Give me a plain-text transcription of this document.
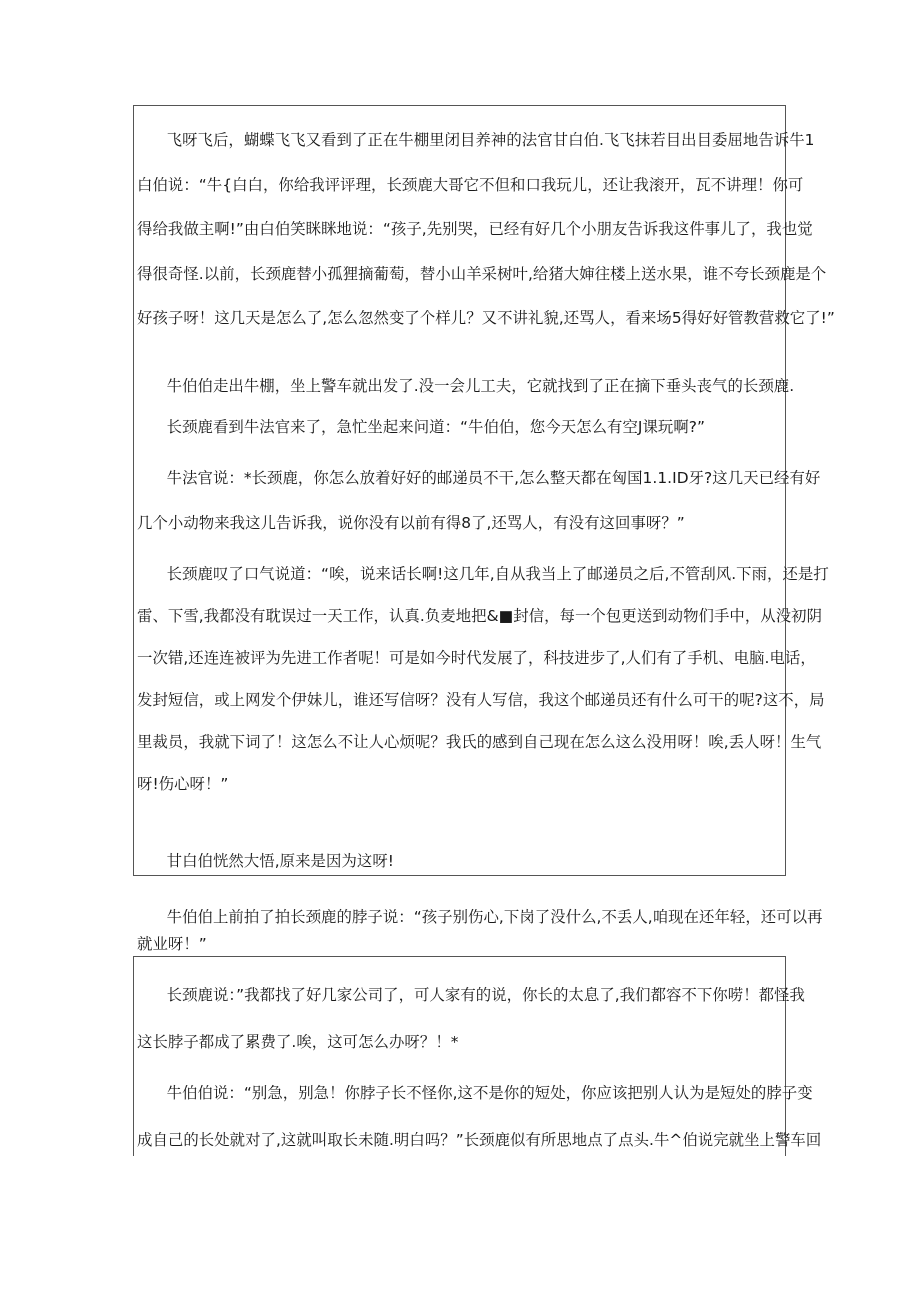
飞呀飞后，蝴蝶飞飞又看到了正在牛棚里闭目养神的法官甘白伯.飞飞抹若目出目委屈地告诉牛1
白伯说：“牛{白白，你给我评评理，长颈鹿大哥它不但和口我玩儿，还让我滚开，瓦不讲理！你可
得给我做主啊!”由白伯笑眯眯地说：“孩子,先别哭，已经有好几个小朋友告诉我这件事儿了，我也觉
得很奇怪.以前，长颈鹿替小孤狸摘葡萄，替小山羊采树叶,给猪大婶往楼上送水果，谁不夸长颈鹿是个
好孩子呀！这几天是怎么了,怎么忽然变了个样儿？又不讲礼貌,还骂人，看来场5得好好管教营救它了!”

牛伯伯走出牛棚，坐上警车就出发了.没一会儿工夫，它就找到了正在摘下垂头丧气的长颈鹿.

长颈鹿看到牛法官来了，急忙坐起来问道：“牛伯伯，您今天怎么有空J课玩啊?”

牛法官说：*长颈鹿，你怎么放着好好的邮递员不干,怎么整天都在匈国1.1.ID牙?这几天已经有好
几个小动物来我这儿告诉我，说你没有以前有得8了,还骂人，有没有这回事呀？”

长颈鹿叹了口气说道：“唉，说来话长啊!这几年,自从我当上了邮递员之后,不管刮风.下雨，还是打
雷、下雪,我都没有耽误过一天工作，认真.负麦地把&■封信，每一个包更送到动物们手中，从没初阴
一次错,还连连被评为先进工作者呢！可是如今时代发展了，科技进步了,人们有了手机、电脑.电话，
发封短信，或上网发个伊妹儿，谁还写信呀？没有人写信，我这个邮递员还有什么可干的呢?这不，局
里裁员，我就下词了！这怎么不让人心烦呢？我氏的感到自己现在怎么这么没用呀！唉,丢人呀！生气
呀!伤心呀！”

甘白伯恍然大悟,原来是因为这呀!

牛伯伯上前拍了拍长颈鹿的脖子说：“孩子别伤心,下岗了没什么,不丢人,咱现在还年轻，还可以再
就业呀！”

长颈鹿说：”我都找了好几家公司了，可人家有的说，你长的太息了,我们都容不下你唠！都怪我
这长脖子都成了累费了.唉，这可怎么办呀？！*

牛伯伯说：“别急，别急！你脖子长不怪你,这不是你的短处，你应该把别人认为是短处的脖子变
成自己的长处就对了,这就叫取长未随.明白吗？”长颈鹿似有所思地点了点头.牛^伯说完就坐上警车回
